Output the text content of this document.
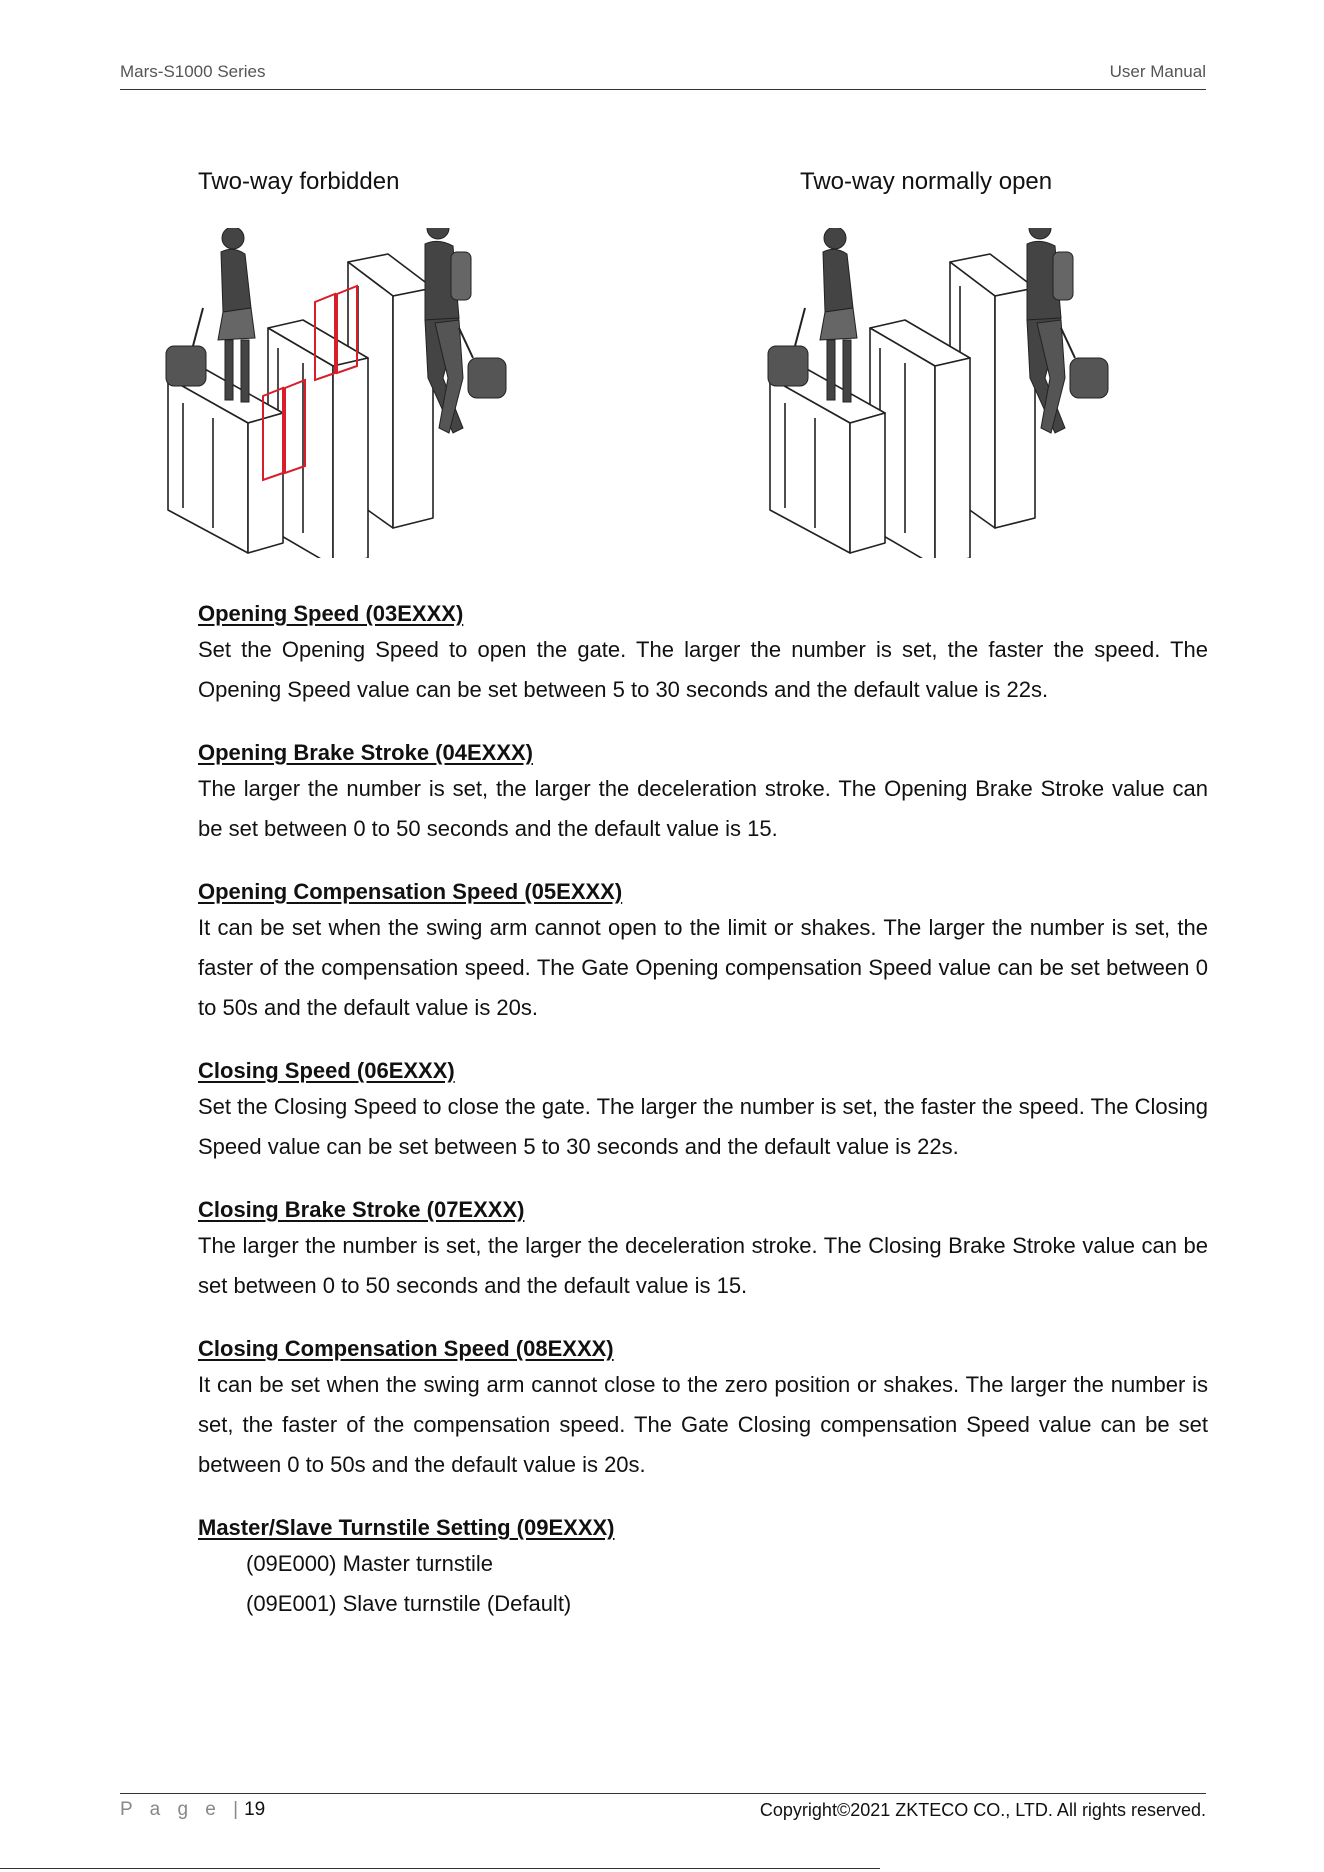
Mars-S1000 Series	User Manual
Two-way forbidden	Two-way normally open
Opening Speed (03EXXX)
Set the Opening Speed to open the gate. The larger the number is set, the faster the speed. The Opening Speed value can be set between 5 to 30 seconds and the default value is 22s.
Opening Brake Stroke (04EXXX)
The larger the number is set, the larger the deceleration stroke. The Opening Brake Stroke value can be set between 0 to 50 seconds and the default value is 15.
Opening Compensation Speed (05EXXX)
It can be set when the swing arm cannot open to the limit or shakes. The larger the number is set, the faster of the compensation speed. The Gate Opening compensation Speed value can be set between 0 to 50s and the default value is 20s.
Closing Speed (06EXXX)
Set the Closing Speed to close the gate. The larger the number is set, the faster the speed. The Closing Speed value can be set between 5 to 30 seconds and the default value is 22s.
Closing Brake Stroke (07EXXX)
The larger the number is set, the larger the deceleration stroke. The Closing Brake Stroke value can be set between 0 to 50 seconds and the default value is 15.
Closing Compensation Speed (08EXXX)
It can be set when the swing arm cannot close to the zero position or shakes. The larger the number is set, the faster of the compensation speed. The Gate Closing compensation Speed value can be set between 0 to 50s and the default value is 20s.
Master/Slave Turnstile Setting (09EXXX)
(09E000) Master turnstile
(09E001) Slave turnstile (Default)
P a g e |19	Copyright©2021 ZKTECO CO., LTD. All rights reserved.
